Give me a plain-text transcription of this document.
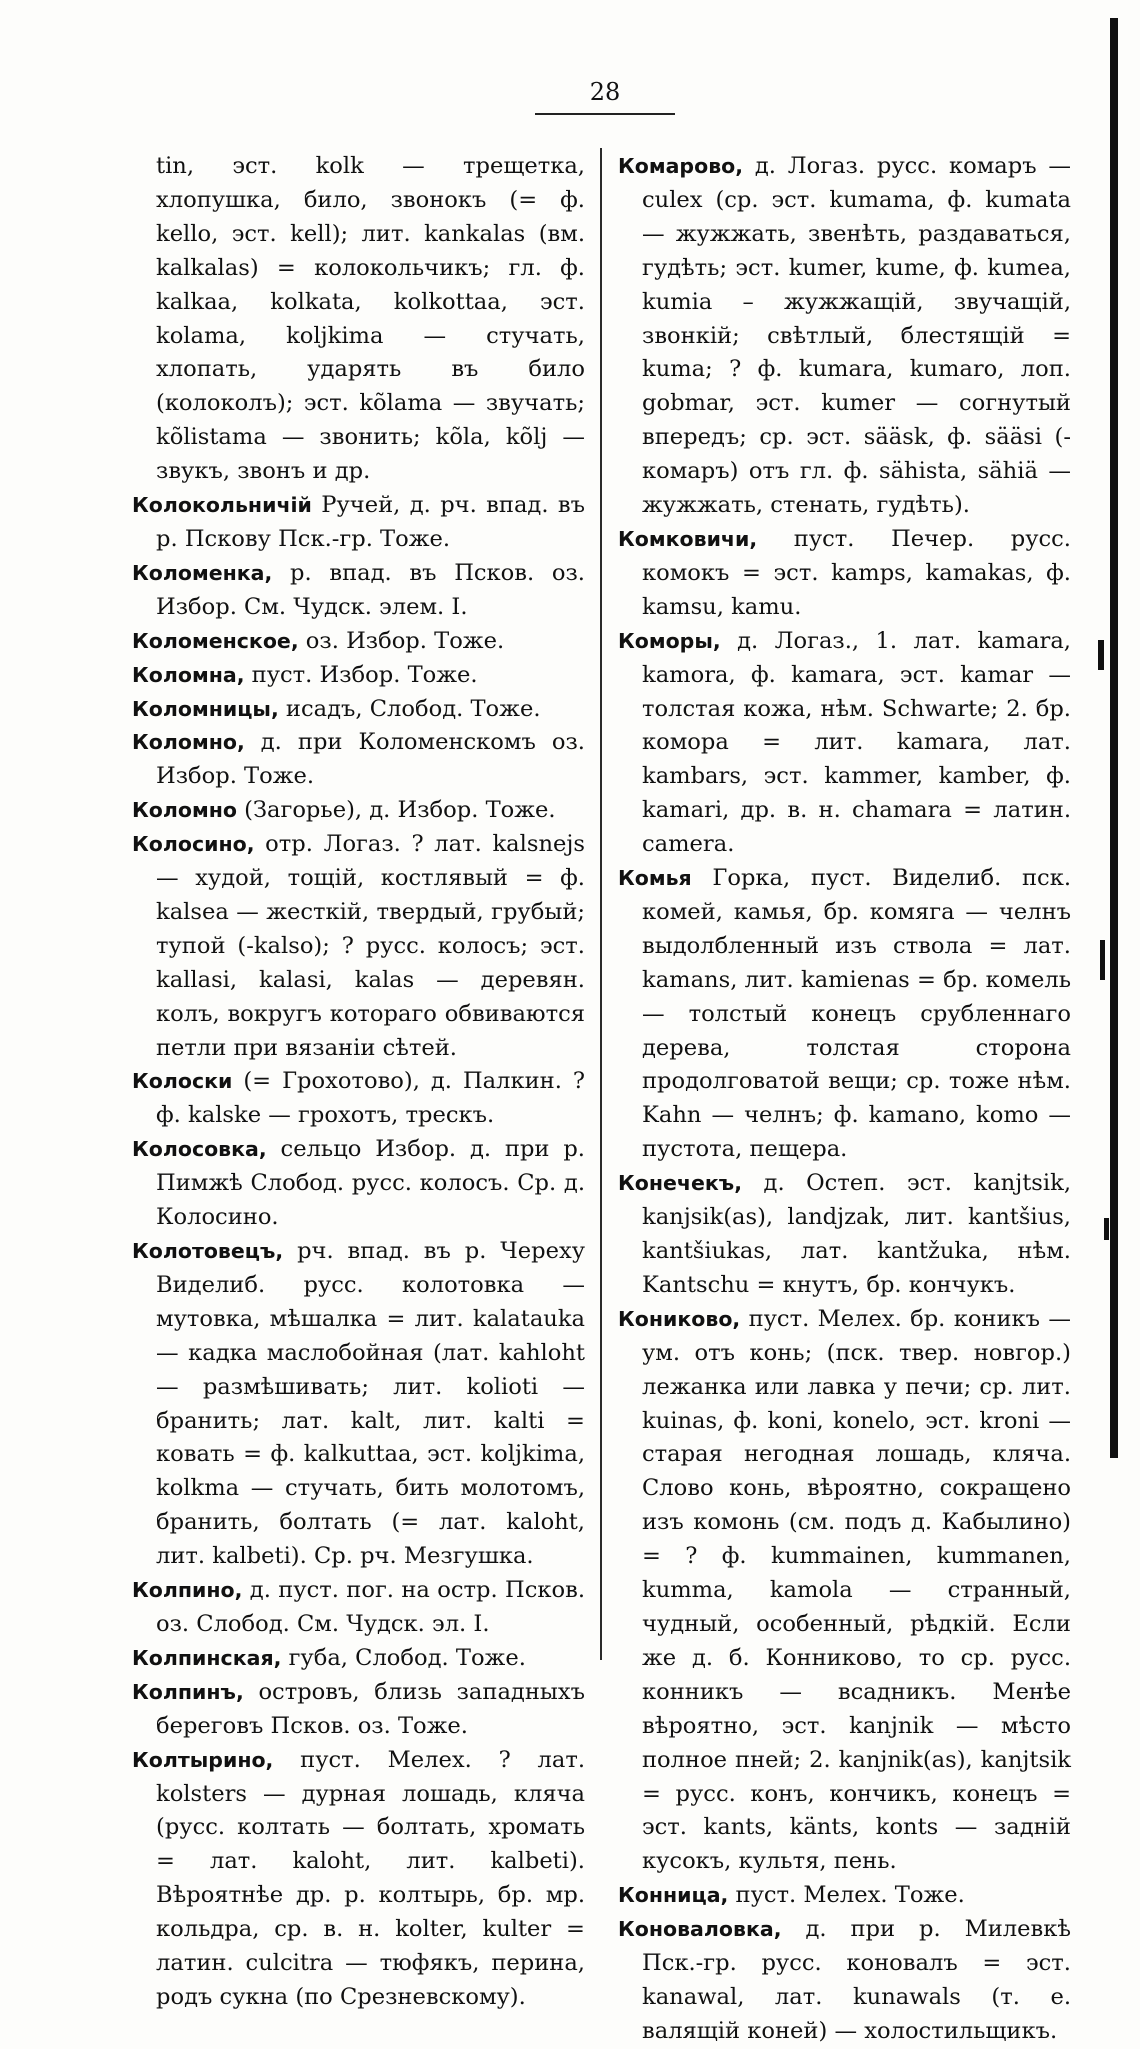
28

tin, эст. kolk — трещетка, хлопушка, било, звонокъ (= ф. kello, эст. kell); лит. kankalas (вм. kalkalas) = колокольчикъ; гл. ф. kalkaa, kolkata, kolkottaa, эст. kolama, koljkima — стучать, хлопать, ударять въ било (колоколъ); эст. kõlama — звучать; kõlistama — звонить; kõla, kõlj — звукъ, звонъ и др.

Колокольничій Ручей, д. рч. впад. въ р. Пскову Пск.-гр. Тоже.

Коломенка, р. впад. въ Псков. оз. Избор. См. Чудск. элем. I.

Коломенское, оз. Избор. Тоже.

Коломна, пуст. Избор. Тоже.

Коломницы, исадъ, Слобод. Тоже.

Коломно, д. при Коломенскомъ оз. Избор. Тоже.

Коломно (Загорье), д. Избор. Тоже.

Колосино, отр. Логаз. ? лат. kalsnejs — худой, тощій, костлявый = ф. kalsea — жесткій, твердый, грубый; тупой (-kalso); ? русс. колосъ; эст. kallasi, kalasi, kalas — деревян. колъ, вокругъ котораго обвиваются петли при вязаніи сѣтей.

Колоски (= Грохотово), д. Палкин. ? ф. kalske — грохотъ, трескъ.

Колосовка, сельцо Избор. д. при р. Пимжѣ Слобод. русс. колосъ. Ср. д. Колосино.

Колотовецъ, рч. впад. въ р. Череху Виделиб. русс. колотовка — мутовка, мѣшалка = лит. kalatauka — кадка маслобойная (лат. kahloht — размѣшивать; лит. kolioti — бранить; лат. kalt, лит. kalti = ковать = ф. kalkuttaa, эст. koljkima, kolkma — стучать, бить молотомъ, бранить, болтать (= лат. kaloht, лит. kalbeti). Ср. рч. Мезгушка.

Колпино, д. пуст. пог. на остр. Псков. оз. Слобод. См. Чудск. эл. I.

Колпинская, губа, Слобод. Тоже.

Колпинъ, островъ, близь западныхъ береговъ Псков. оз. Тоже.

Колтырино, пуст. Мелех. ? лат. kolsters — дурная лошадь, кляча (русс. колтать — болтать, хромать = лат. kaloht, лит. kalbeti). Вѣроятнѣе др. р. колтырь, бр. мр. кольдра, ср. в. н. kolter, kulter = латин. culcitra — тюфякъ, перина, родъ сукна (по Срезневскому).

Комарово, д. Логаз. русс. комаръ — culex (ср. эст. kumama, ф. kumata — жужжать, звенѣть, раздаваться, гудѣть; эст. kumer, kume, ф. kumea, kumia – жужжащій, звучащій, звонкій; свѣтлый, блестящій = kuma; ? ф. kumara, kumaro, лоп. gobmar, эст. kumer — согнутый впередъ; ср. эст. sääsk, ф. sääsi (-комаръ) отъ гл. ф. sähista, sähiä — жужжать, стенать, гудѣть).

Комковичи, пуст. Печер. русс. комокъ = эст. kamps, kamakas, ф. kamsu, kamu.

Коморы, д. Логаз., 1. лат. kamara, kamora, ф. kamara, эст. kamar — толстая кожа, нѣм. Schwarte; 2. бр. комора = лит. kamara, лат. kambars, эст. kammer, kamber, ф. kamari, др. в. н. chamara = латин. camera.

Комья Горка, пуст. Виделиб. пск. комей, камья, бр. комяга — челнъ выдолбленный изъ ствола = лат. kamans, лит. kamienas = бр. комель — толстый конецъ срубленнаго дерева, толстая сторона продолговатой вещи; ср. тоже нѣм. Kahn — челнъ; ф. kamano, komo — пустота, пещера.

Конечекъ, д. Остеп. эст. kanjtsik, kanjsik(as), landjzak, лит. kantšius, kantšiukas, лат. kantžuka, нѣм. Kantschu = кнутъ, бр. кончукъ.

Кониково, пуст. Мелех. бр. коникъ — ум. отъ конь; (пск. твер. новгор.) лежанка или лавка у печи; ср. лит. kuinas, ф. koni, konelo, эст. kroni — старая негодная лошадь, кляча. Слово конь, вѣроятно, сокращено изъ комонь (см. подъ д. Кабылино) = ? ф. kummainen, kummanen, kumma, kamola — странный, чудный, особенный, рѣдкій. Если же д. б. Конниково, то ср. русс. конникъ — всадникъ. Менѣе вѣроятно, эст. kanjnik — мѣсто полное пней; 2. kanjnik(as), kanjtsik = русс. конъ, кончикъ, конецъ = эст. kants, känts, konts — задній кусокъ, культя, пень.

Конница, пуст. Мелех. Тоже.

Коноваловка, д. при р. Милевкѣ Пск.-гр. русс. коновалъ = эст. kanawal, лат. kunawals (т. е. валящій коней) — холостильщикъ.
